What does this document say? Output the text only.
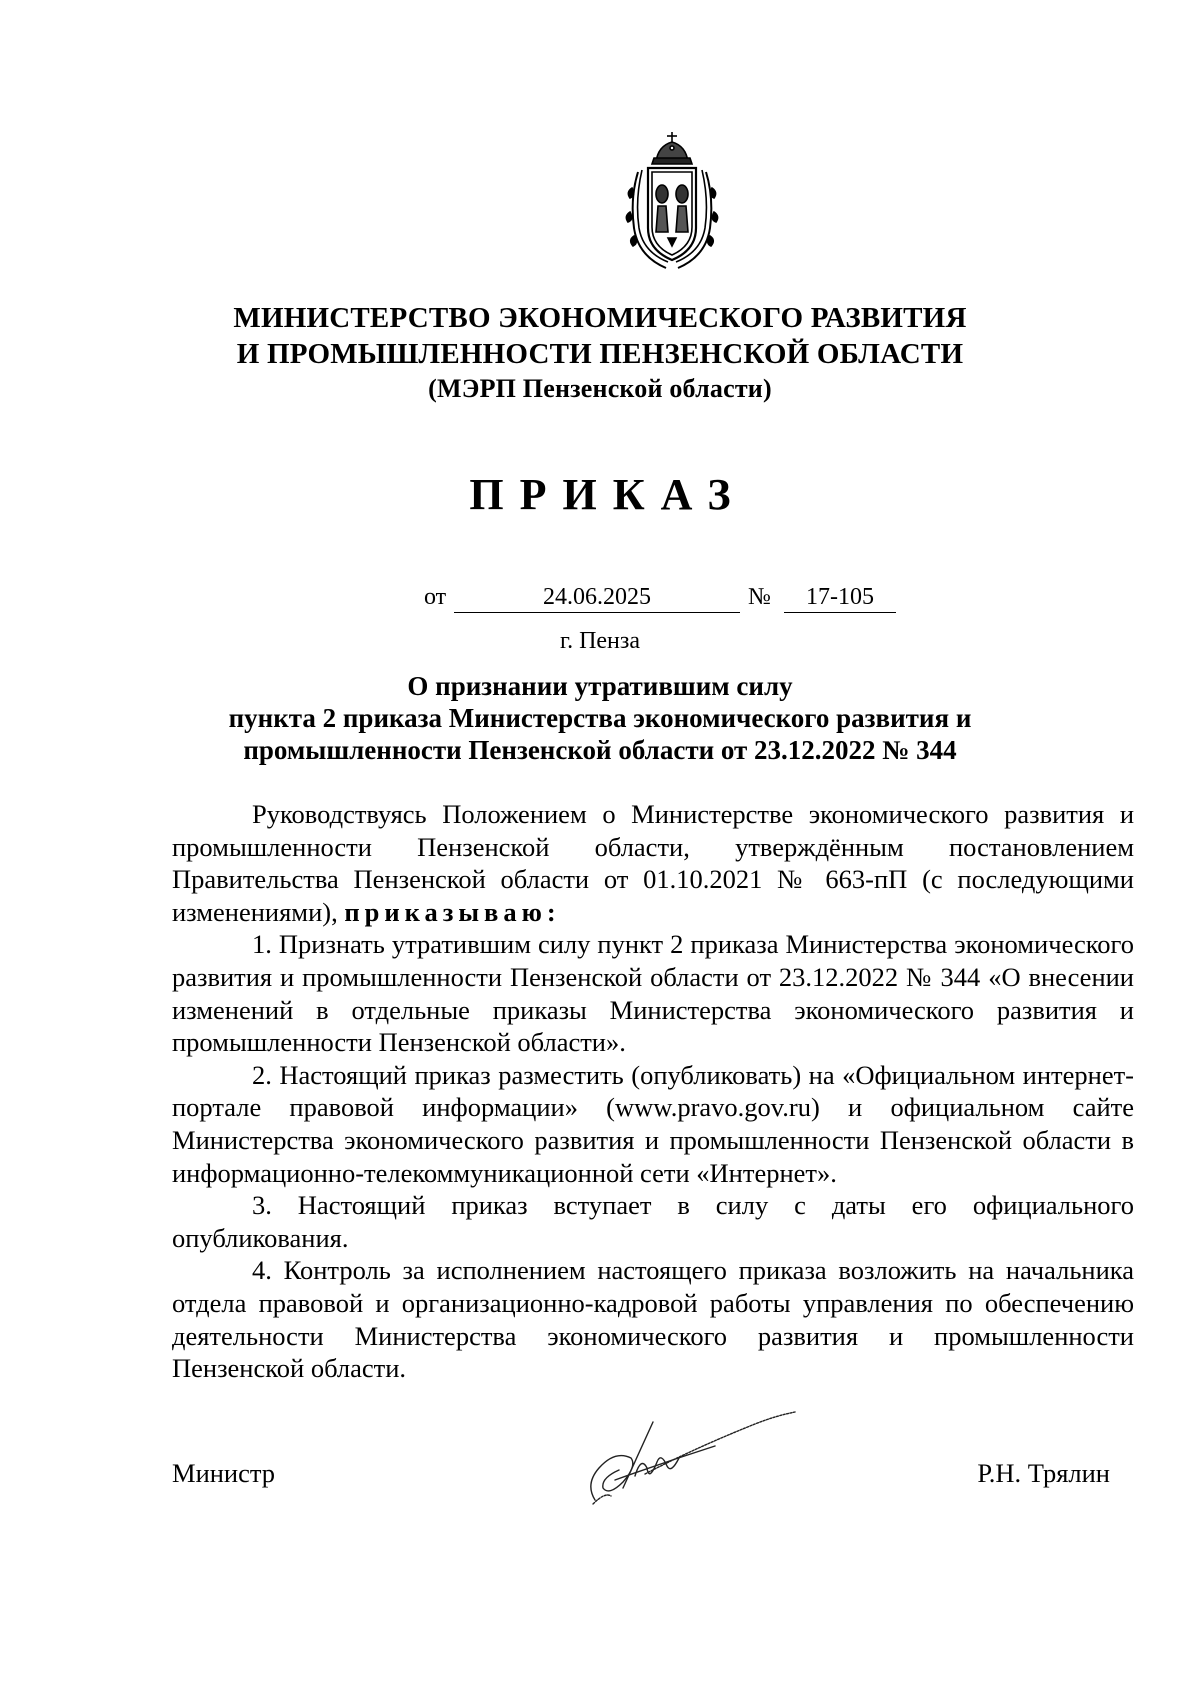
МИНИСТЕРСТВО ЭКОНОМИЧЕСКОГО РАЗВИТИЯ
И ПРОМЫШЛЕННОСТИ ПЕНЗЕНСКОЙ ОБЛАСТИ
(МЭРП Пензенской области)
ПРИКАЗ
от	24.06.2025	№	17-105
г. Пенза
О признании утратившим силу
пункта 2 приказа Министерства экономического развития и
промышленности Пензенской области от 23.12.2022 № 344

Руководствуясь Положением о Министерстве экономического развития и промышленности Пензенской области, утверждённым постановлением Правительства Пензенской области от 01.10.2021 № 663-пП (с последующими изменениями), приказываю:

1. Признать утратившим силу пункт 2 приказа Министерства экономического развития и промышленности Пензенской области от 23.12.2022 № 344 «О внесении изменений в отдельные приказы Министерства экономического развития и промышленности Пензенской области».

2. Настоящий приказ разместить (опубликовать) на «Официальном интернет-портале правовой информации» (www.pravo.gov.ru) и официальном сайте Министерства экономического развития и промышленности Пензенской области в информационно-телекоммуникационной сети «Интернет».

3. Настоящий приказ вступает в силу с даты его официального опубликования.

4. Контроль за исполнением настоящего приказа возложить на начальника отдела правовой и организационно-кадровой работы управления по обеспечению деятельности Министерства экономического развития и промышленности Пензенской области.

Министр	Р.Н. Трялин
